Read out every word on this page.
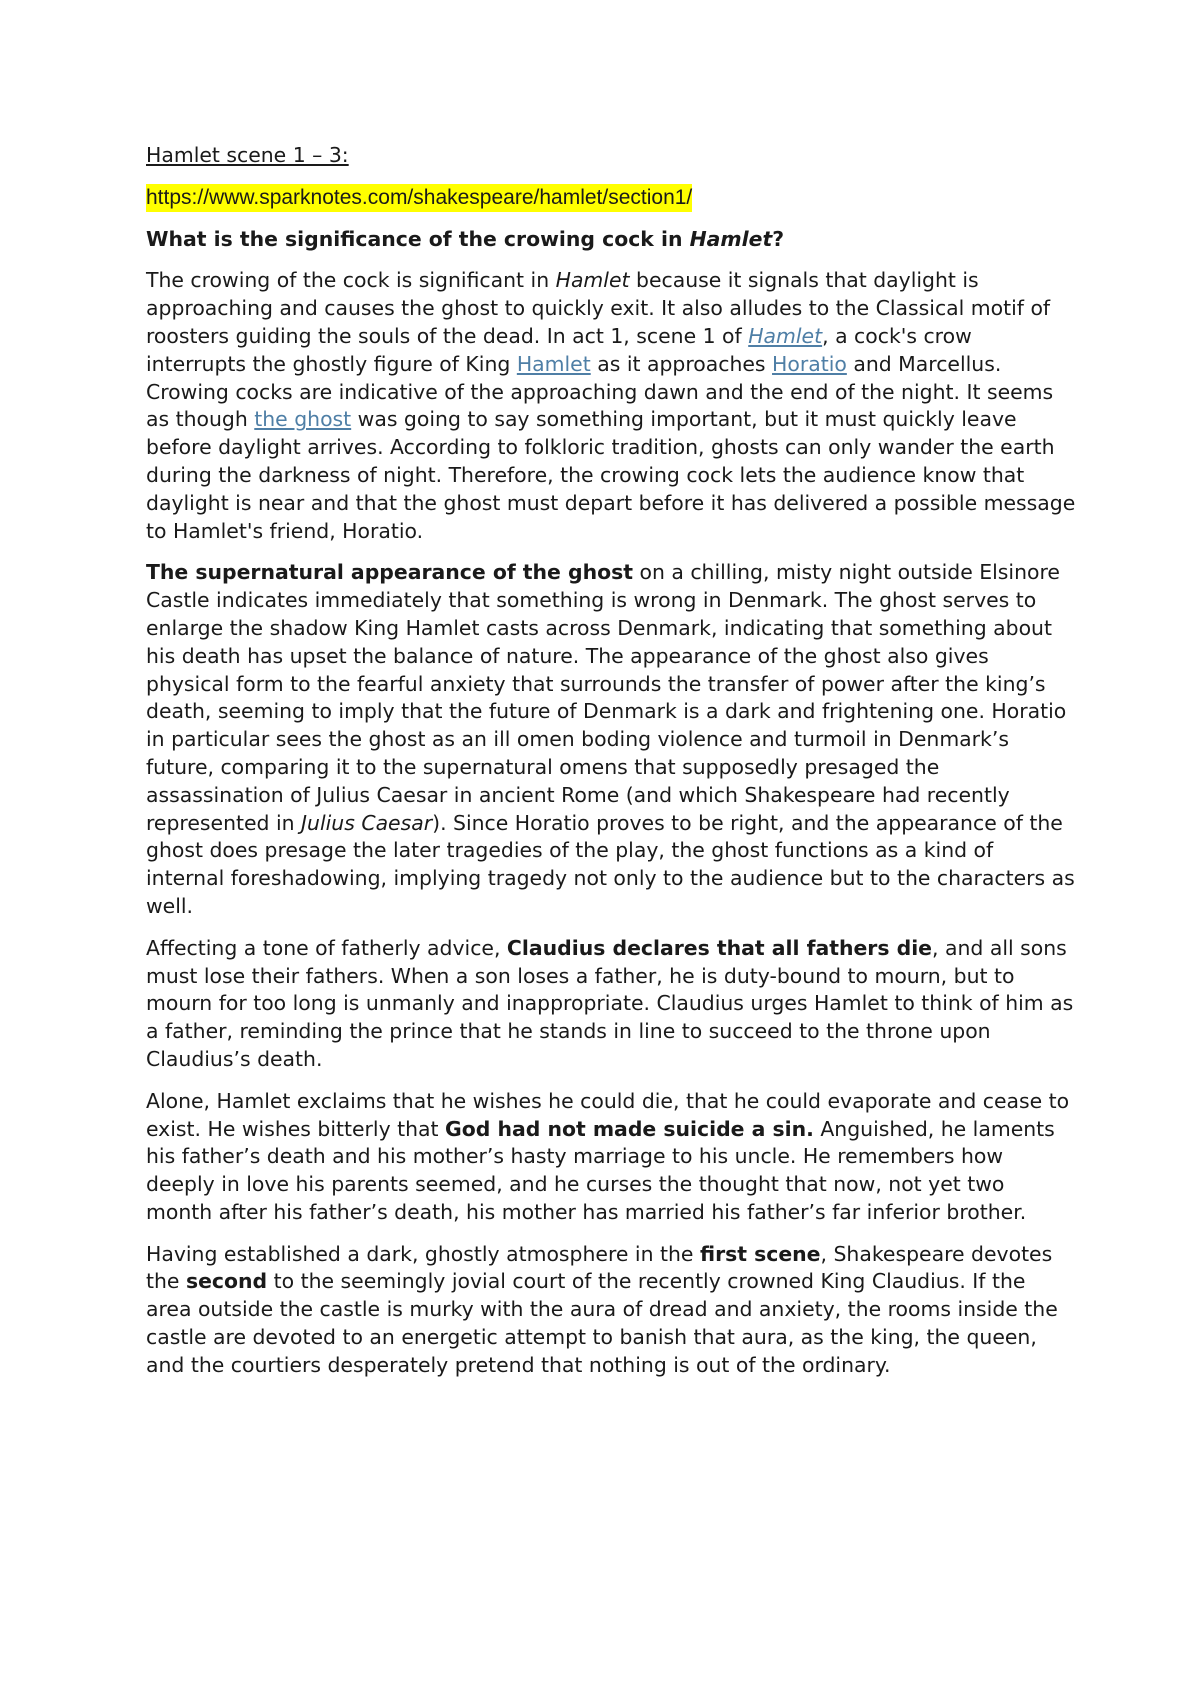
Hamlet scene 1 – 3:
https://www.sparknotes.com/shakespeare/hamlet/section1/
What is the significance of the crowing cock in Hamlet?

The crowing of the cock is significant in Hamlet because it signals that daylight is approaching and causes the ghost to quickly exit. It also alludes to the Classical motif of roosters guiding the souls of the dead. In act 1, scene 1 of Hamlet, a cock's crow interrupts the ghostly figure of King Hamlet as it approaches Horatio and Marcellus. Crowing cocks are indicative of the approaching dawn and the end of the night. It seems as though the ghost was going to say something important, but it must quickly leave before daylight arrives. According to folkloric tradition, ghosts can only wander the earth during the darkness of night. Therefore, the crowing cock lets the audience know that daylight is near and that the ghost must depart before it has delivered a possible message to Hamlet's friend, Horatio.

The supernatural appearance of the ghost on a chilling, misty night outside Elsinore Castle indicates immediately that something is wrong in Denmark. The ghost serves to enlarge the shadow King Hamlet casts across Denmark, indicating that something about his death has upset the balance of nature. The appearance of the ghost also gives physical form to the fearful anxiety that surrounds the transfer of power after the king’s death, seeming to imply that the future of Denmark is a dark and frightening one. Horatio in particular sees the ghost as an ill omen boding violence and turmoil in Denmark’s future, comparing it to the supernatural omens that supposedly presaged the assassination of Julius Caesar in ancient Rome (and which Shakespeare had recently represented in Julius Caesar). Since Horatio proves to be right, and the appearance of the ghost does presage the later tragedies of the play, the ghost functions as a kind of internal foreshadowing, implying tragedy not only to the audience but to the characters as well.

Affecting a tone of fatherly advice, Claudius declares that all fathers die, and all sons must lose their fathers. When a son loses a father, he is duty-bound to mourn, but to mourn for too long is unmanly and inappropriate. Claudius urges Hamlet to think of him as a father, reminding the prince that he stands in line to succeed to the throne upon Claudius’s death.

Alone, Hamlet exclaims that he wishes he could die, that he could evaporate and cease to exist. He wishes bitterly that God had not made suicide a sin. Anguished, he laments his father’s death and his mother’s hasty marriage to his uncle. He remembers how deeply in love his parents seemed, and he curses the thought that now, not yet two month after his father’s death, his mother has married his father’s far inferior brother.

Having established a dark, ghostly atmosphere in the first scene, Shakespeare devotes the second to the seemingly jovial court of the recently crowned King Claudius. If the area outside the castle is murky with the aura of dread and anxiety, the rooms inside the castle are devoted to an energetic attempt to banish that aura, as the king, the queen, and the courtiers desperately pretend that nothing is out of the ordinary.
